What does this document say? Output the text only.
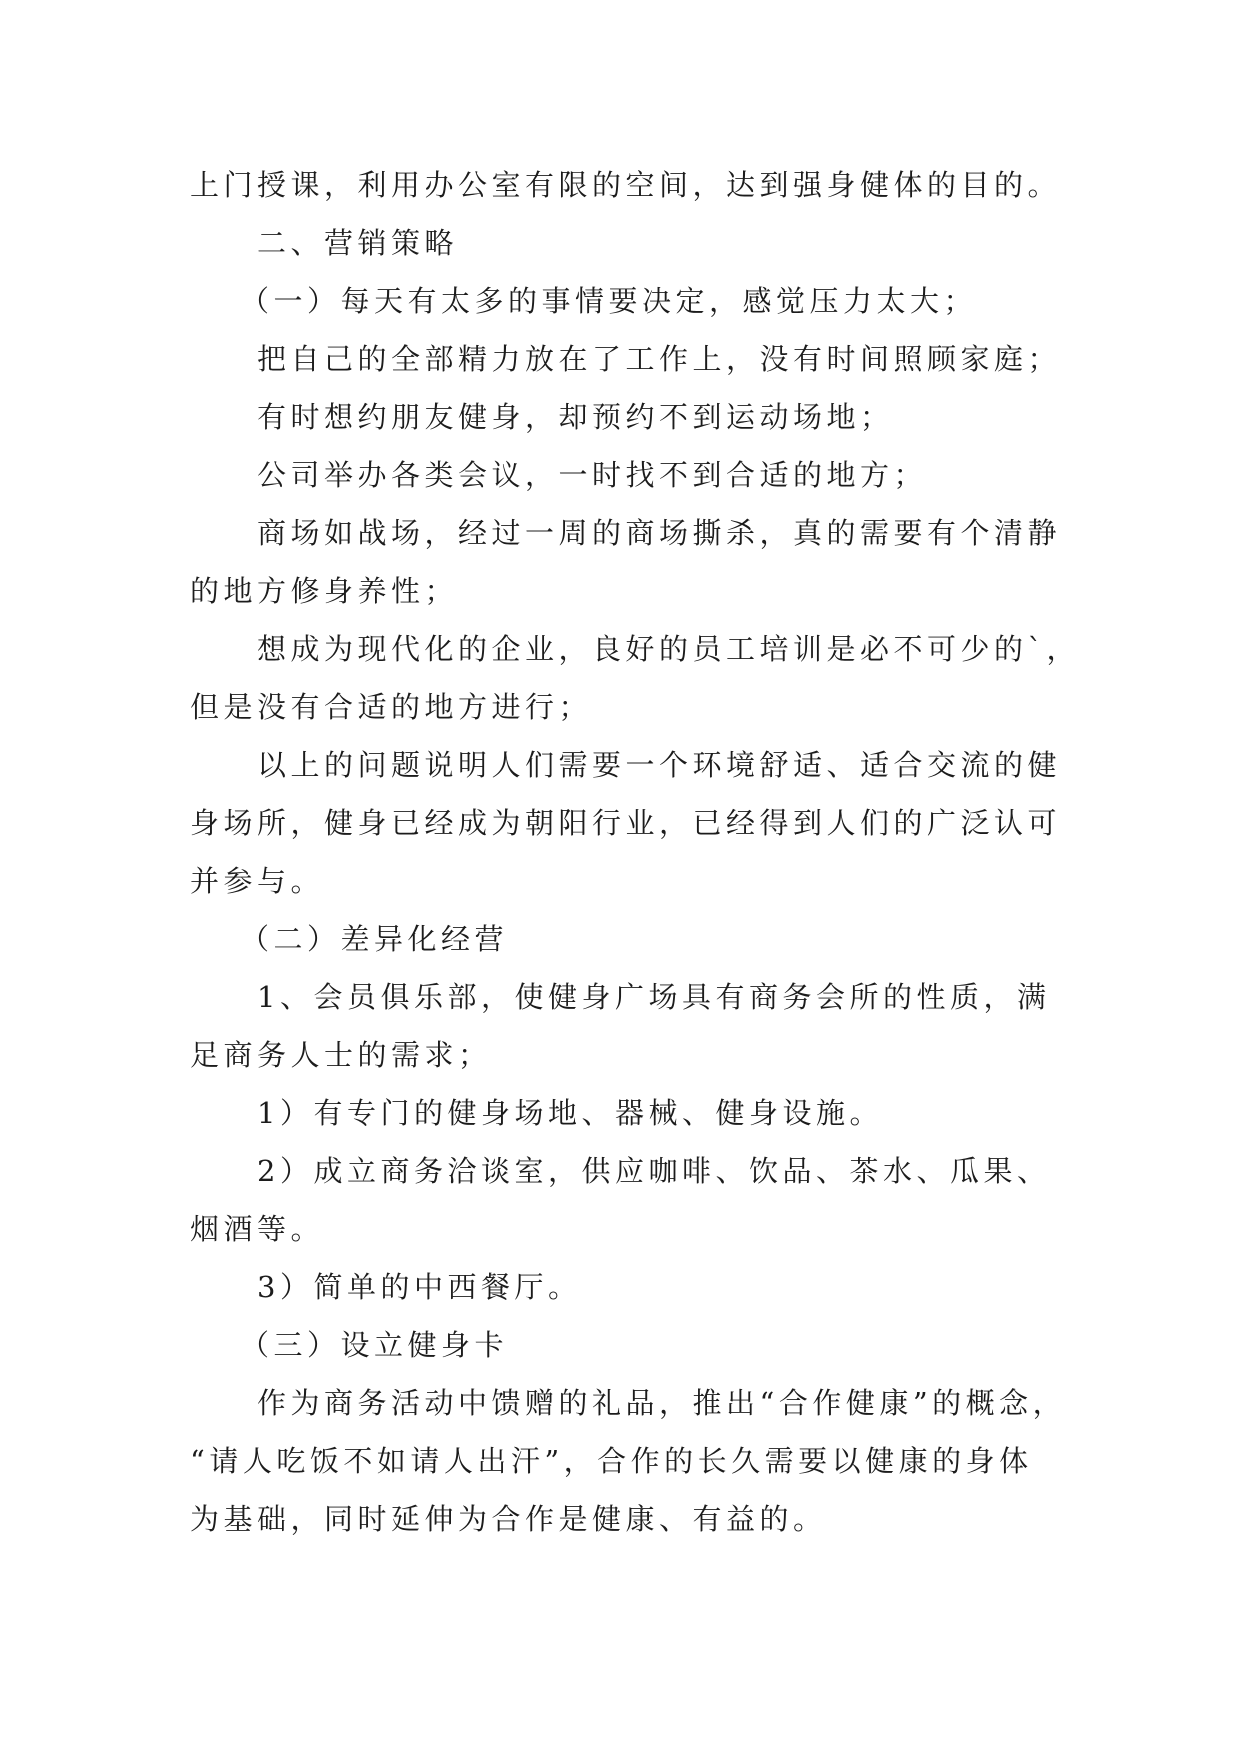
上门授课，利用办公室有限的空间，达到强身健体的目的。
二、营销策略
（一）每天有太多的事情要决定，感觉压力太大；
把自己的全部精力放在了工作上，没有时间照顾家庭；
有时想约朋友健身，却预约不到运动场地；
公司举办各类会议，一时找不到合适的地方；
商场如战场，经过一周的商场撕杀，真的需要有个清静
的地方修身养性；
想成为现代化的企业，良好的员工培训是必不可少的`，
但是没有合适的地方进行；
以上的问题说明人们需要一个环境舒适、适合交流的健
身场所，健身已经成为朝阳行业，已经得到人们的广泛认可
并参与。
（二）差异化经营
1、会员俱乐部，使健身广场具有商务会所的性质，满
足商务人士的需求；
1）有专门的健身场地、器械、健身设施。
2）成立商务洽谈室，供应咖啡、饮品、茶水、瓜果、
烟酒等。
3）简单的中西餐厅。
（三）设立健身卡
作为商务活动中馈赠的礼品，推出“合作健康”的概念，
“请人吃饭不如请人出汗”，合作的长久需要以健康的身体
为基础，同时延伸为合作是健康、有益的。
